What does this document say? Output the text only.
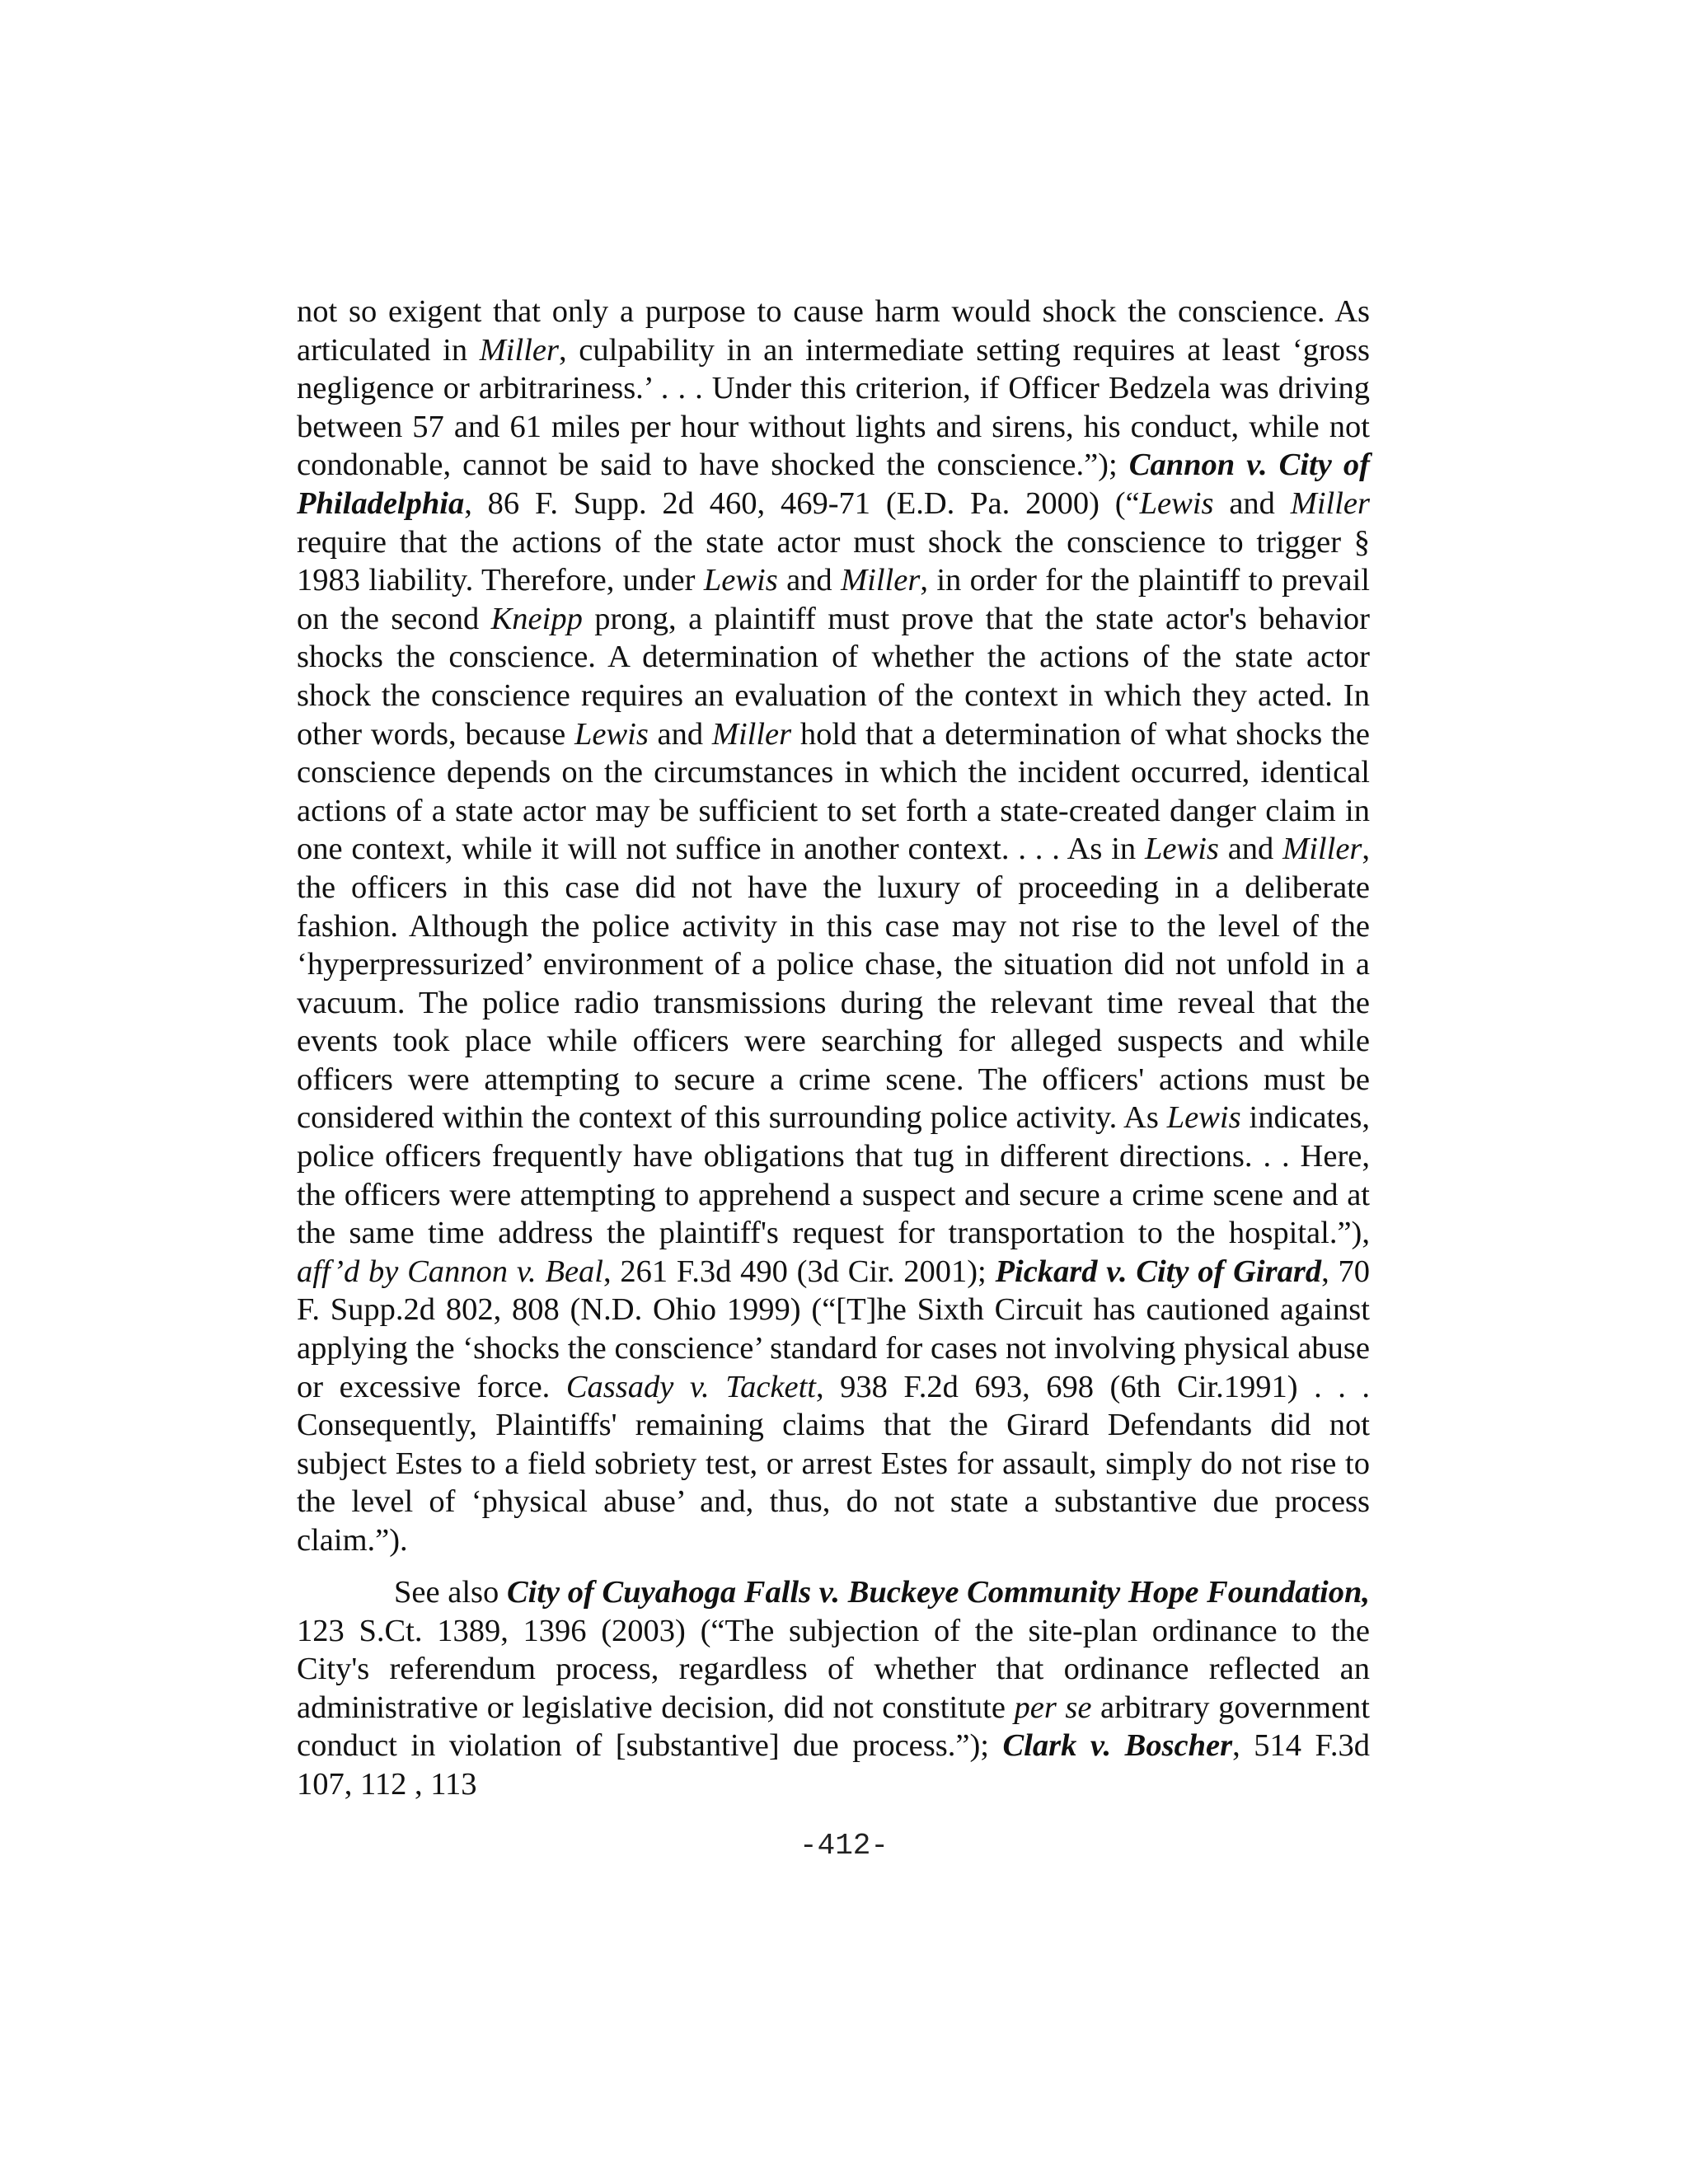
not so exigent that only a purpose to cause harm would shock the conscience. As articulated in Miller, culpability in an intermediate setting requires at least ‘gross negligence or arbitrariness.’ . . . Under this criterion, if Officer Bedzela was driving between 57 and 61 miles per hour without lights and sirens, his conduct, while not condonable, cannot be said to have shocked the conscience.”); Cannon v. City of Philadelphia, 86 F. Supp. 2d 460, 469-71 (E.D. Pa. 2000) (“Lewis and Miller require that the actions of the state actor must shock the conscience to trigger § 1983 liability. Therefore, under Lewis and Miller, in order for the plaintiff to prevail on the second Kneipp prong, a plaintiff must prove that the state actor's behavior shocks the conscience. A determination of whether the actions of the state actor shock the conscience requires an evaluation of the context in which they acted. In other words, because Lewis and Miller hold that a determination of what shocks the conscience depends on the circumstances in which the incident occurred, identical actions of a state actor may be sufficient to set forth a state-created danger claim in one context, while it will not suffice in another context. . . . As in Lewis and Miller, the officers in this case did not have the luxury of proceeding in a deliberate fashion. Although the police activity in this case may not rise to the level of the ‘hyperpressurized’ environment of a police chase, the situation did not unfold in a vacuum. The police radio transmissions during the relevant time reveal that the events took place while officers were searching for alleged suspects and while officers were attempting to secure a crime scene. The officers' actions must be considered within the context of this surrounding police activity. As Lewis indicates, police officers frequently have obligations that tug in different directions. . . Here, the officers were attempting to apprehend a suspect and secure a crime scene and at the same time address the plaintiff's request for transportation to the hospital.”), aff’d by Cannon v. Beal, 261 F.3d 490 (3d Cir. 2001); Pickard v. City of Girard, 70 F. Supp.2d 802, 808 (N.D. Ohio 1999) (“[T]he Sixth Circuit has cautioned against applying the ‘shocks the conscience’ standard for cases not involving physical abuse or excessive force. Cassady v. Tackett, 938 F.2d 693, 698 (6th Cir.1991) . . . Consequently, Plaintiffs' remaining claims that the Girard Defendants did not subject Estes to a field sobriety test, or arrest Estes for assault, simply do not rise to the level of ‘physical abuse’ and, thus, do not state a substantive due process claim.”).

See also City of Cuyahoga Falls v. Buckeye Community Hope Foundation, 123 S.Ct. 1389, 1396 (2003) (“The subjection of the site-plan ordinance to the City's referendum process, regardless of whether that ordinance reflected an administrative or legislative decision, did not constitute per se arbitrary government conduct in violation of [substantive] due process.”); Clark v. Boscher, 514 F.3d 107, 112 , 113

-412-
